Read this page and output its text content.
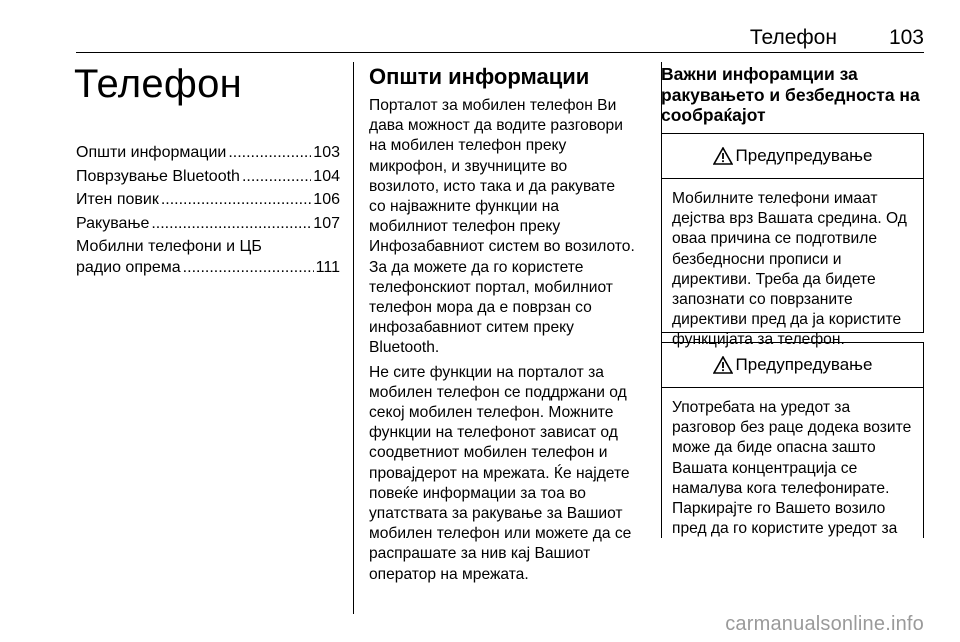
Телефон 103
Телефон
Општи информации .....	103
Поврзување Bluetooth .....	104
Итен повик .....	106
Ракување .....	107
Мобилни телефони и ЦБ
радио опрема .....	111
Општи информации

Порталот за мобилен телефон Ви дава можност да водите разговори на мобилен телефон преку микрофон, и звучниците во возилото, исто така и да ракувате со најважните функции на мобилниот телефон преку Инфозабавниот систем во возилото. За да можете да го користете телефонскиот портал, мобилниот телефон мора да е поврзан со инфозабавниот ситем преку Bluetooth.

Не сите функции на порталот за мобилен телефон се поддржани од секој мобилен телефон. Можните функции на телефонот зависат од соодветниот мобилен телефон и провајдерот на мрежата. Ќе најдете повеќе информации за тоа во упатствата за ракување за Вашиот мобилен телефон или можете да се распрашате за нив кај Вашиот оператор на мрежата.

Важни инфорамции за ракувањето и безбедноста на сообраќајот
Предупредување
Мобилните телефони имаат дејства врз Вашата средина. Од оваа причина се подготвиле безбедносни прописи и директиви. Треба да бидете запознати со поврзаните директиви пред да ја користите функцијата за телефон.
Предупредување
Употребата на уредот за разговор без раце додека возите може да биде опасна зашто Вашата концентрација се намалува кога телефонирате. Паркирајте го Вашето возило пред да го користите уредот за
carmanualsonline.info
